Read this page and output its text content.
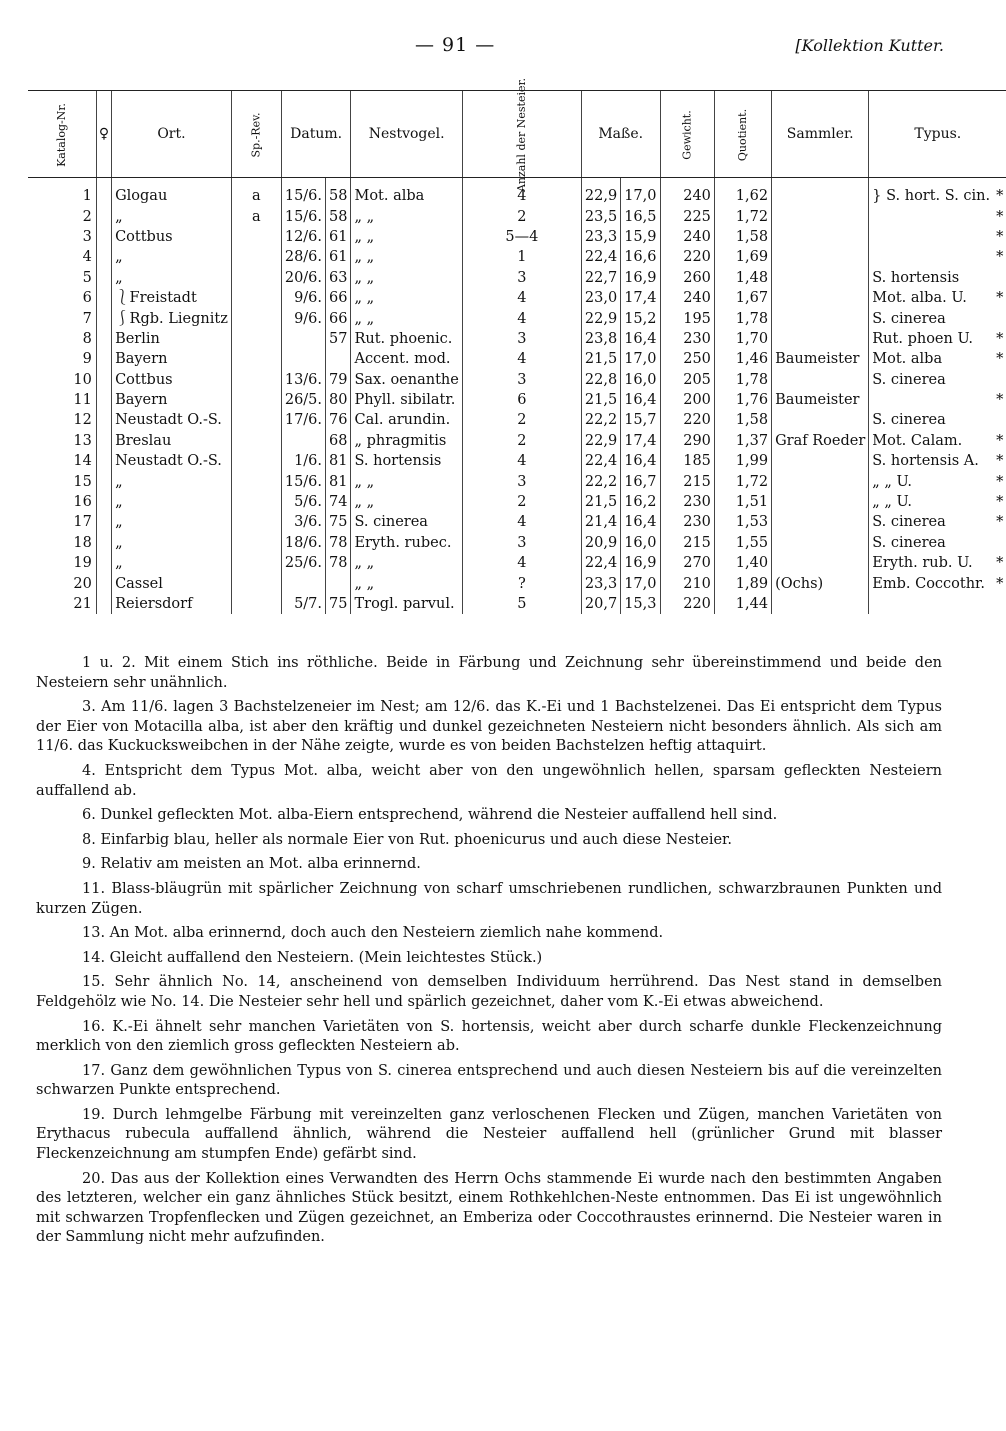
— 91 —	[Kollektion Kutter.
Katalog-Nr.	♀	Ort.	Sp.-Rev.	Datum.		Nestvogel.	Anzahl der Nesteier.	Maße.		Gewicht.	Quotient.	Sammler.	Typus.	
1		Glogau	a	15/6.	58	Mot. alba	4	22,9	17,0	240	1,62		} S. hort. S. cin.	*
2		„	a	15/6.	58	„ „	2	23,5	16,5	225	1,72			*
3		Cottbus		12/6.	61	„ „	5—4	23,3	15,9	240	1,58			*
4		„		28/6.	61	„ „	1	22,4	16,6	220	1,69			*
5		„		20/6.	63	„ „	3	22,7	16,9	260	1,48		S. hortensis	
6		⎱Freistadt		9/6.	66	„ „	4	23,0	17,4	240	1,67		Mot. alba. U.	*
7		⎰Rgb. Liegnitz		9/6.	66	„ „	4	22,9	15,2	195	1,78		S. cinerea	
8		Berlin			57	Rut. phoenic.	3	23,8	16,4	230	1,70		Rut. phoen U.	*
9		Bayern				Accent. mod.	4	21,5	17,0	250	1,46	Baumeister	Mot. alba	*
10		Cottbus		13/6.	79	Sax. oenanthe	3	22,8	16,0	205	1,78		S. cinerea	
11		Bayern		26/5.	80	Phyll. sibilatr.	6	21,5	16,4	200	1,76	Baumeister		*
12		Neustadt O.-S.		17/6.	76	Cal. arundin.	2	22,2	15,7	220	1,58		S. cinerea	
13		Breslau			68	„ phragmitis	2	22,9	17,4	290	1,37	Graf Roeder	Mot. Calam.	*
14		Neustadt O.-S.		1/6.	81	S. hortensis	4	22,4	16,4	185	1,99		S. hortensis A.	*
15		„		15/6.	81	„ „	3	22,2	16,7	215	1,72		„ „ U.	*
16		„		5/6.	74	„ „	2	21,5	16,2	230	1,51		„ „ U.	*
17		„		3/6.	75	S. cinerea	4	21,4	16,4	230	1,53		S. cinerea	*
18		„		18/6.	78	Eryth. rubec.	3	20,9	16,0	215	1,55		S. cinerea	
19		„		25/6.	78	„ „	4	22,4	16,9	270	1,40		Eryth. rub. U.	*
20		Cassel				„ „	?	23,3	17,0	210	1,89	(Ochs)	Emb. Coccothr.	*
21		Reiersdorf		5/7.	75	Trogl. parvul.	5	20,7	15,3	220	1,44			

1 u. 2. Mit einem Stich ins röthliche. Beide in Färbung und Zeichnung sehr übereinstimmend und beide den Nesteiern sehr unähnlich.

3. Am 11/6. lagen 3 Bachstelzeneier im Nest; am 12/6. das K.-Ei und 1 Bachstelzenei. Das Ei entspricht dem Typus der Eier von Motacilla alba, ist aber den kräftig und dunkel gezeichneten Nesteiern nicht besonders ähnlich. Als sich am 11/6. das Kuckucksweibchen in der Nähe zeigte, wurde es von beiden Bachstelzen heftig attaquirt.

4. Entspricht dem Typus Mot. alba, weicht aber von den ungewöhnlich hellen, sparsam gefleckten Nesteiern auffallend ab.

6. Dunkel gefleckten Mot. alba-Eiern entsprechend, während die Nesteier auffallend hell sind.

8. Einfarbig blau, heller als normale Eier von Rut. phoenicurus und auch diese Nesteier.

9. Relativ am meisten an Mot. alba erinnernd.

11. Blass-bläugrün mit spärlicher Zeichnung von scharf umschriebenen rundlichen, schwarzbraunen Punkten und kurzen Zügen.

13. An Mot. alba erinnernd, doch auch den Nesteiern ziemlich nahe kommend.

14. Gleicht auffallend den Nesteiern. (Mein leichtestes Stück.)

15. Sehr ähnlich No. 14, anscheinend von demselben Individuum herrührend. Das Nest stand in demselben Feldgehölz wie No. 14. Die Nesteier sehr hell und spärlich gezeichnet, daher vom K.-Ei etwas abweichend.

16. K.-Ei ähnelt sehr manchen Varietäten von S. hortensis, weicht aber durch scharfe dunkle Fleckenzeichnung merklich von den ziemlich gross gefleckten Nesteiern ab.

17. Ganz dem gewöhnlichen Typus von S. cinerea entsprechend und auch diesen Nesteiern bis auf die vereinzelten schwarzen Punkte entsprechend.

19. Durch lehmgelbe Färbung mit vereinzelten ganz verloschenen Flecken und Zügen, manchen Varietäten von Erythacus rubecula auffallend ähnlich, während die Nesteier auffallend hell (grünlicher Grund mit blasser Fleckenzeichnung am stumpfen Ende) gefärbt sind.

20. Das aus der Kollektion eines Verwandten des Herrn Ochs stammende Ei wurde nach den bestimmten Angaben des letzteren, welcher ein ganz ähnliches Stück besitzt, einem Rothkehlchen-Neste entnommen. Das Ei ist ungewöhnlich mit schwarzen Tropfenflecken und Zügen gezeichnet, an Emberiza oder Coccothraustes erinnernd. Die Nesteier waren in der Sammlung nicht mehr aufzufinden.
